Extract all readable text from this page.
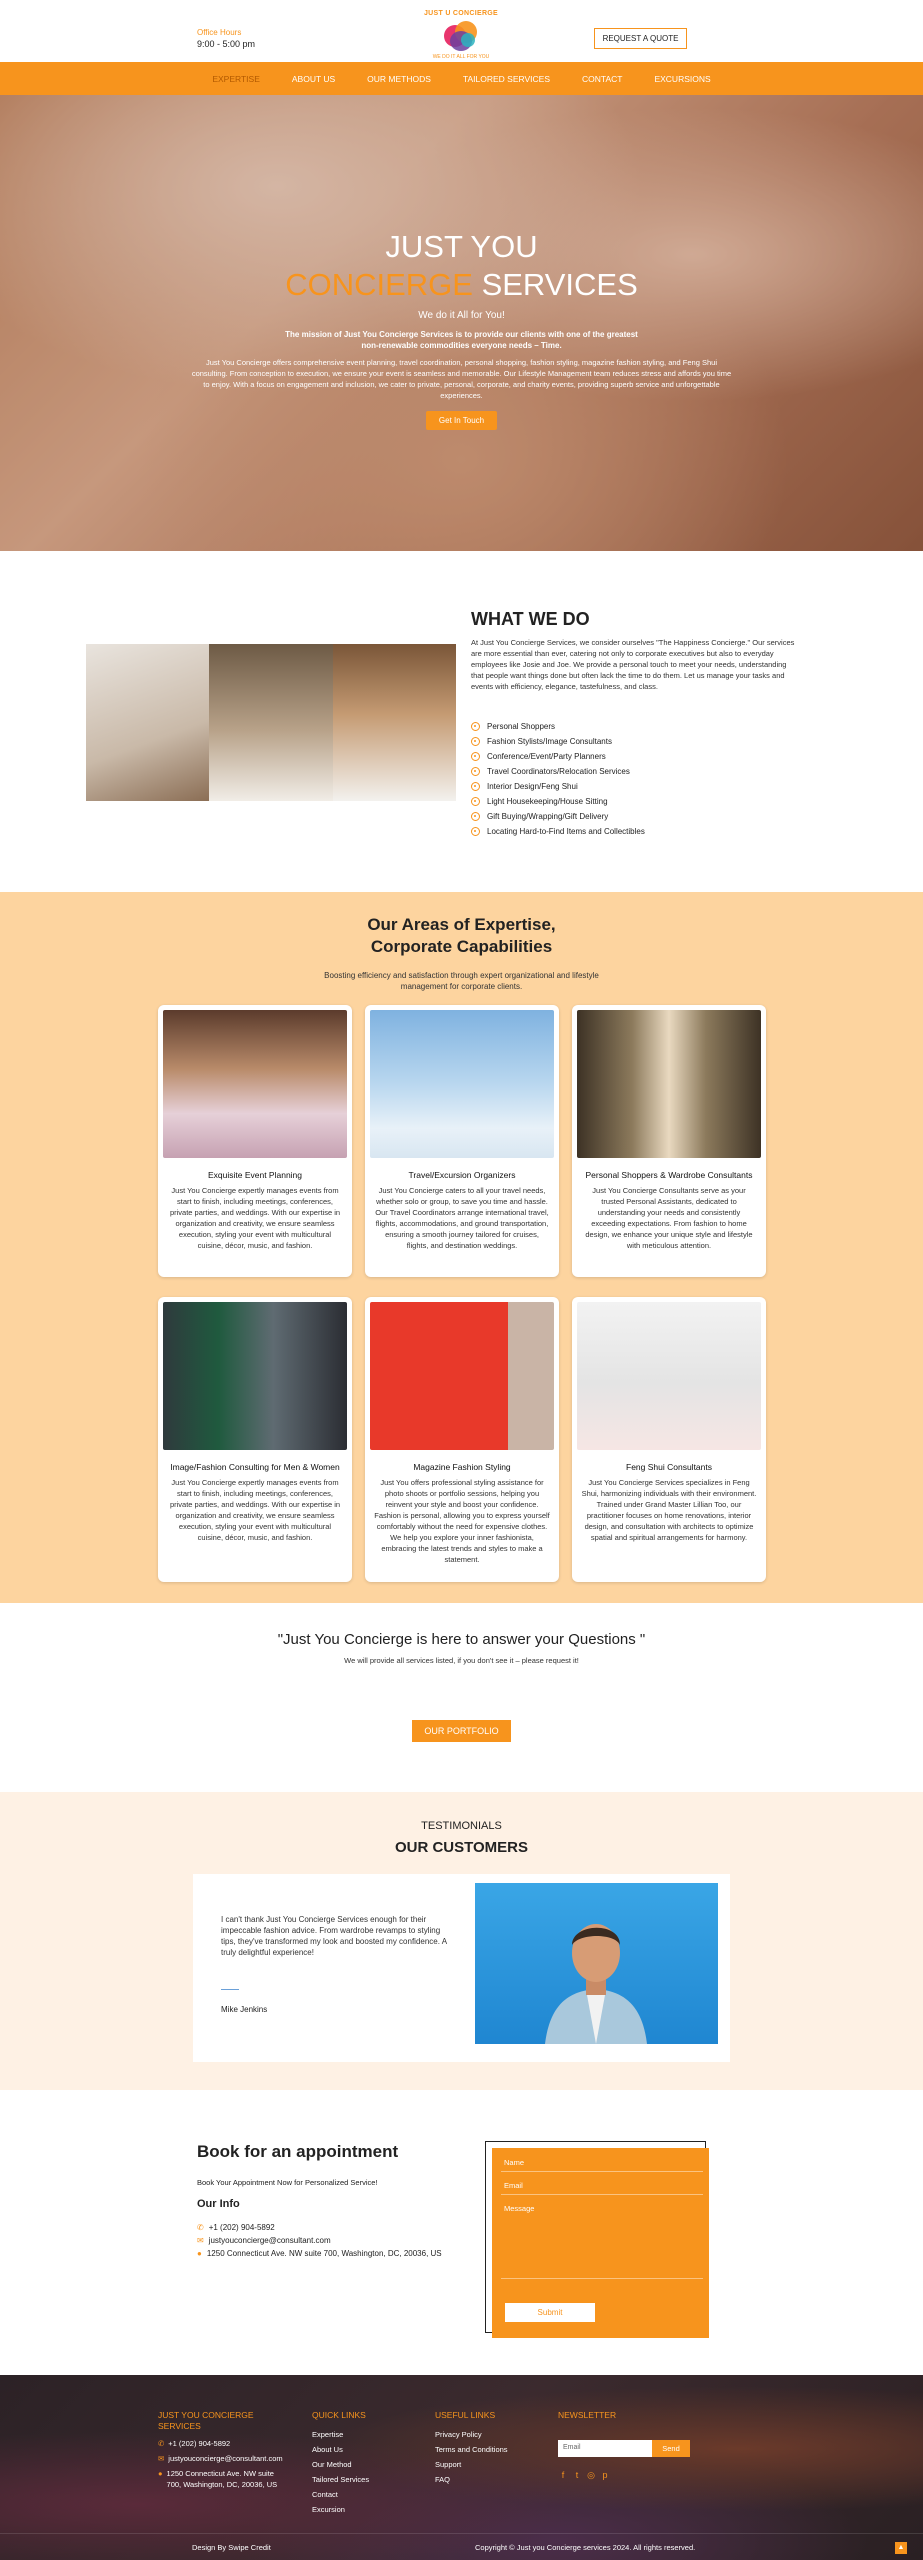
Office Hours
9:00 - 5:00 pm
JUST U CONCIERGE
WE DO IT ALL FOR YOU
REQUEST A QUOTE
EXPERTISE	ABOUT US	OUR METHODS	TAILORED SERVICES	CONTACT	EXCURSIONS
JUST YOU
CONCIERGE SERVICES
We do it All for You!
The mission of Just You Concierge Services is to provide our clients with one of the greatest non-renewable commodities everyone needs – Time.
Just You Concierge offers comprehensive event planning, travel coordination, personal shopping, fashion styling, magazine fashion styling, and Feng Shui consulting. From conception to execution, we ensure your event is seamless and memorable. Our Lifestyle Management team reduces stress and affords you time to enjoy. With a focus on engagement and inclusion, we cater to private, personal, corporate, and charity events, providing superb service and unforgettable experiences.
Get In Touch
WHAT WE DO

At Just You Concierge Services, we consider ourselves "The Happiness Concierge." Our services are more essential than ever, catering not only to corporate executives but also to everyday employees like Josie and Joe. We provide a personal touch to meet your needs, understanding that people want things done but often lack the time to do them. Let us manage your tasks and events with efficiency, elegance, tastefulness, and class.

Personal Shoppers
Fashion Stylists/Image Consultants
Conference/Event/Party Planners
Travel Coordinators/Relocation Services
Interior Design/Feng Shui
Light Housekeeping/House Sitting
Gift Buying/Wrapping/Gift Delivery
Locating Hard-to-Find Items and Collectibles
Our Areas of Expertise,
Corporate Capabilities
Boosting efficiency and satisfaction through expert organizational and lifestyle management for corporate clients.
Exquisite Event Planning

Just You Concierge expertly manages events from start to finish, including meetings, conferences, private parties, and weddings. With our expertise in organization and creativity, we ensure seamless execution, styling your event with multicultural cuisine, décor, music, and fashion.

Travel/Excursion Organizers

Just You Concierge caters to all your travel needs, whether solo or group, to save you time and hassle. Our Travel Coordinators arrange international travel, flights, accommodations, and ground transportation, ensuring a smooth journey tailored for cruises, flights, and destination weddings.

Personal Shoppers & Wardrobe Consultants

Just You Concierge Consultants serve as your trusted Personal Assistants, dedicated to understanding your needs and consistently exceeding expectations. From fashion to home design, we enhance your unique style and lifestyle with meticulous attention.

Image/Fashion Consulting for Men & Women

Just You Concierge expertly manages events from start to finish, including meetings, conferences, private parties, and weddings. With our expertise in organization and creativity, we ensure seamless execution, styling your event with multicultural cuisine, décor, music, and fashion.

Magazine Fashion Styling

Just You offers professional styling assistance for photo shoots or portfolio sessions, helping you reinvent your style and boost your confidence. Fashion is personal, allowing you to express yourself comfortably without the need for expensive clothes. We help you explore your inner fashionista, embracing the latest trends and styles to make a statement.

Feng Shui Consultants

Just You Concierge Services specializes in Feng Shui, harmonizing individuals with their environment. Trained under Grand Master Lillian Too, our practitioner focuses on home renovations, interior design, and consultation with architects to optimize spatial and spiritual arrangements for harmony.

"Just You Concierge is here to answer your Questions "
We will provide all services listed, if you don't see it – please request it!
OUR PORTFOLIO
TESTIMONIALS
OUR CUSTOMERS
I can't thank Just You Concierge Services enough for their impeccable fashion advice. From wardrobe revamps to styling tips, they've transformed my look and boosted my confidence. A truly delightful experience!
Mike Jenkins
Book for an appointment
Book Your Appointment Now for Personalized Service!
Our Info
✆ +1 (202) 904-5892
✉ justyouconcierge@consultant.com
● 1250 Connecticut Ave. NW suite 700, Washington, DC, 20036, US
Name
Email
Message
Submit
JUST YOU CONCIERGE SERVICES
✆ +1 (202) 904-5892
✉ justyouconcierge@consultant.com
● 1250 Connecticut Ave. NW suite 700, Washington, DC, 20036, US
QUICK LINKS
Expertise
About Us
Our Method
Tailored Services
Contact
Excursion
USEFUL LINKS
Privacy Policy
Terms and Conditions
Support
FAQ
NEWSLETTER
Email	Send
f	t ◎ p
Design By Swipe Credit	Copyright © Just you Concierge services 2024. All rights reserved.	▲
